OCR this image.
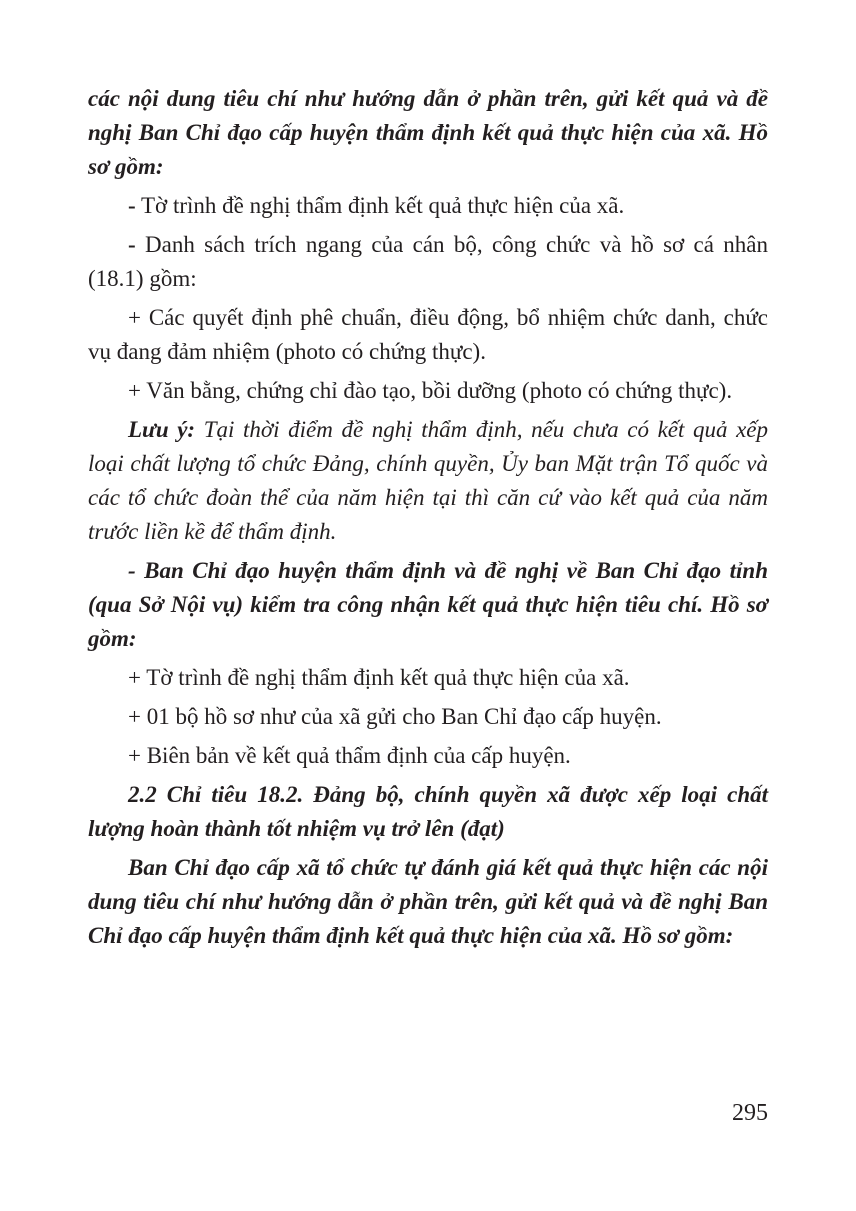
các nội dung tiêu chí như hướng dẫn ở phần trên, gửi kết quả và đề nghị Ban Chỉ đạo cấp huyện thẩm định kết quả thực hiện của xã. Hồ sơ gồm:

- Tờ trình đề nghị thẩm định kết quả thực hiện của xã.

- Danh sách trích ngang của cán bộ, công chức và hồ sơ cá nhân (18.1) gồm:

+ Các quyết định phê chuẩn, điều động, bổ nhiệm chức danh, chức vụ đang đảm nhiệm (photo có chứng thực).

+ Văn bằng, chứng chỉ đào tạo, bồi dưỡng (photo có chứng thực).

Lưu ý: Tại thời điểm đề nghị thẩm định, nếu chưa có kết quả xếp loại chất lượng tổ chức Đảng, chính quyền, Ủy ban Mặt trận Tổ quốc và các tổ chức đoàn thể của năm hiện tại thì căn cứ vào kết quả của năm trước liền kề để thẩm định.

- Ban Chỉ đạo huyện thẩm định và đề nghị về Ban Chỉ đạo tỉnh (qua Sở Nội vụ) kiểm tra công nhận kết quả thực hiện tiêu chí. Hồ sơ gồm:

+ Tờ trình đề nghị thẩm định kết quả thực hiện của xã.

+ 01 bộ hồ sơ như của xã gửi cho Ban Chỉ đạo cấp huyện.

+ Biên bản về kết quả thẩm định của cấp huyện.

2.2 Chỉ tiêu 18.2. Đảng bộ, chính quyền xã được xếp loại chất lượng hoàn thành tốt nhiệm vụ trở lên (đạt)

Ban Chỉ đạo cấp xã tổ chức tự đánh giá kết quả thực hiện các nội dung tiêu chí như hướng dẫn ở phần trên, gửi kết quả và đề nghị Ban Chỉ đạo cấp huyện thẩm định kết quả thực hiện của xã. Hồ sơ gồm:

295
